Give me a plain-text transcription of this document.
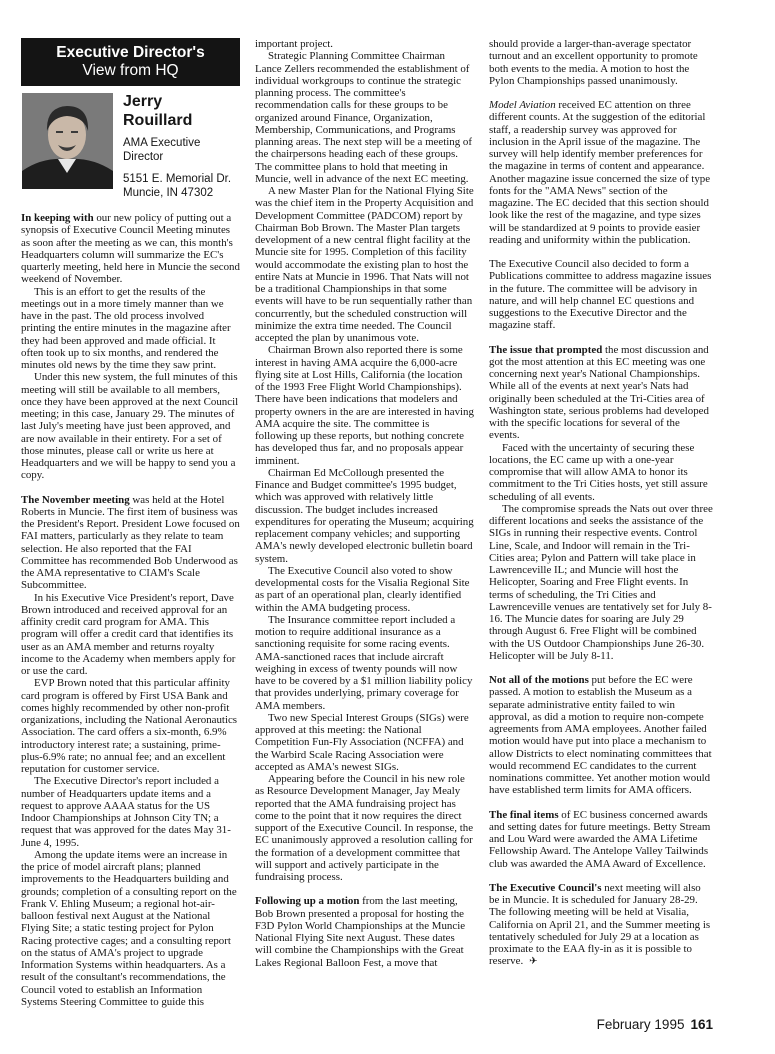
Executive Director's
View from HQ
Jerry
Rouillard
AMA Executive Director
5151 E. Memorial Dr.
Muncie, IN 47302

In keeping with our new policy of putting out a synopsis of Executive Council Meeting minutes as soon after the meeting as we can, this month's Headquarters column will summarize the EC's quarterly meeting, held here in Muncie the second weekend of November.

This is an effort to get the results of the meetings out in a more timely manner than we have in the past. The old process involved printing the entire minutes in the magazine after they had been approved and made official. It often took up to six months, and rendered the minutes old news by the time they saw print.

Under this new system, the full minutes of this meeting will still be available to all members, once they have been approved at the next Council meeting; in this case, January 29. The minutes of last July's meeting have just been approved, and are now available in their entirety. For a set of those minutes, please call or write us here at Headquarters and we will be happy to send you a copy.

The November meeting was held at the Hotel Roberts in Muncie. The first item of business was the President's Report. President Lowe focused on FAI matters, particularly as they relate to team selection. He also reported that the FAI Committee has recommended Bob Underwood as the AMA representative to CIAM's Scale Subcommittee.

In his Executive Vice President's report, Dave Brown introduced and received approval for an affinity credit card program for AMA. This program will offer a credit card that identifies its user as an AMA member and returns royalty income to the Academy when members apply for or use the card.

EVP Brown noted that this particular affinity card program is offered by First USA Bank and comes highly recommended by other non-profit organizations, including the National Aeronautics Association. The card offers a six-month, 6.9% introductory interest rate; a sustaining, prime-plus-6.9% rate; no annual fee; and an excellent reputation for customer service.

The Executive Director's report included a number of Headquarters update items and a request to approve AAAA status for the US Indoor Championships at Johnson City TN; a request that was approved for the dates May 31-June 4, 1995.

Among the update items were an increase in the price of model aircraft plans; planned improvements to the Headquarters building and grounds; completion of a consulting report on the Frank V. Ehling Museum; a regional hot-air-balloon festival next August at the National Flying Site; a static testing project for Pylon Racing protective cages; and a consulting report on the status of AMA's project to upgrade Information Systems within headquarters. As a result of the consultant's recommendations, the Council voted to establish an Information Systems Steering Committee to guide this

important project.

Strategic Planning Committee Chairman Lance Zellers recommended the establishment of individual workgroups to continue the strategic planning process. The committee's recommendation calls for these groups to be organized around Finance, Organization, Membership, Communications, and Programs planning areas. The next step will be a meeting of the chairpersons heading each of these groups. The committee plans to hold that meeting in Muncie, well in advance of the next EC meeting.

A new Master Plan for the National Flying Site was the chief item in the Property Acquisition and Development Committee (PADCOM) report by Chairman Bob Brown. The Master Plan targets development of a new central flight facility at the Muncie site for 1995. Completion of this facility would accommodate the existing plan to host the entire Nats at Muncie in 1996. That Nats will not be a traditional Championships in that some events will have to be run sequentially rather than concurrently, but the scheduled construction will minimize the extra time needed. The Council accepted the plan by unanimous vote.

Chairman Brown also reported there is some interest in having AMA acquire the 6,000-acre flying site at Lost Hills, California (the location of the 1993 Free Flight World Championships). There have been indications that modelers and property owners in the are are interested in having AMA acquire the site. The committee is following up these reports, but nothing concrete has developed thus far, and no proposals appear imminent.

Chairman Ed McCollough presented the Finance and Budget committee's 1995 budget, which was approved with relatively little discussion. The budget includes increased expenditures for operating the Museum; acquiring replacement company vehicles; and supporting AMA's newly developed electronic bulletin board system.

The Executive Council also voted to show developmental costs for the Visalia Regional Site as part of an operational plan, clearly identified within the AMA budgeting process.

The Insurance committee report included a motion to require additional insurance as a sanctioning requisite for some racing events. AMA-sanctioned races that include aircraft weighing in excess of twenty pounds will now have to be covered by a $1 million liability policy that provides underlying, primary coverage for AMA members.

Two new Special Interest Groups (SIGs) were approved at this meeting: the National Competition Fun-Fly Association (NCFFA) and the Warbird Scale Racing Association were accepted as AMA's newest SIGs.

Appearing before the Council in his new role as Resource Development Manager, Jay Mealy reported that the AMA fundraising project has come to the point that it now requires the direct support of the Executive Council. In response, the EC unanimously approved a resolution calling for the formation of a development committee that will support and actively participate in the fundraising process.

Following up a motion from the last meeting, Bob Brown presented a proposal for hosting the F3D Pylon World Championships at the Muncie National Flying Site next August. These dates will combine the Championships with the Great Lakes Regional Balloon Fest, a move that

should provide a larger-than-average spectator turnout and an excellent opportunity to promote both events to the media. A motion to host the Pylon Championships passed unanimously.

Model Aviation received EC attention on three different counts. At the suggestion of the editorial staff, a readership survey was approved for inclusion in the April issue of the magazine. The survey will help identify member preferences for the magazine in terms of content and appearance. Another magazine issue concerned the size of type fonts for the "AMA News" section of the magazine. The EC decided that this section should look like the rest of the magazine, and type sizes will be standardized at 9 points to provide easier reading and uniformity within the publication.

The Executive Council also decided to form a Publications committee to address magazine issues in the future. The committee will be advisory in nature, and will help channel EC questions and suggestions to the Executive Director and the magazine staff.

The issue that prompted the most discussion and got the most attention at this EC meeting was one concerning next year's National Championships. While all of the events at next year's Nats had originally been scheduled at the Tri-Cities area of Washington state, serious problems had developed with the specific locations for several of the events.

Faced with the uncertainty of securing these locations, the EC came up with a one-year compromise that will allow AMA to honor its commitment to the Tri Cities hosts, yet still assure scheduling of all events.

The compromise spreads the Nats out over three different locations and seeks the assistance of the SIGs in running their respective events. Control Line, Scale, and Indoor will remain in the Tri-Cities area; Pylon and Pattern will take place in Lawrenceville IL; and Muncie will host the Helicopter, Soaring and Free Flight events. In terms of scheduling, the Tri Cities and Lawrenceville venues are tentatively set for July 8-16. The Muncie dates for soaring are July 29 through August 6. Free Flight will be combined with the US Outdoor Championships June 26-30. Helicopter will be July 8-11.

Not all of the motions put before the EC were passed. A motion to establish the Museum as a separate administrative entity failed to win approval, as did a motion to require non-compete agreements from AMA employees. Another failed motion would have put into place a mechanism to allow Districts to elect nominating committees that would recommend EC candidates to the current nominations committee. Yet another motion would have established term limits for AMA officers.

The final items of EC business concerned awards and setting dates for future meetings. Betty Stream and Lou Ward were awarded the AMA Lifetime Fellowship Award. The Antelope Valley Tailwinds club was awarded the AMA Award of Excellence.

The Executive Council's next meeting will also be in Muncie. It is scheduled for January 28-29. The following meeting will be held at Visalia, California on April 21, and the Summer meeting is tentatively scheduled for July 29 at a location as proximate to the EAA fly-in as it is possible to reserve. ✈

February 1995 161
